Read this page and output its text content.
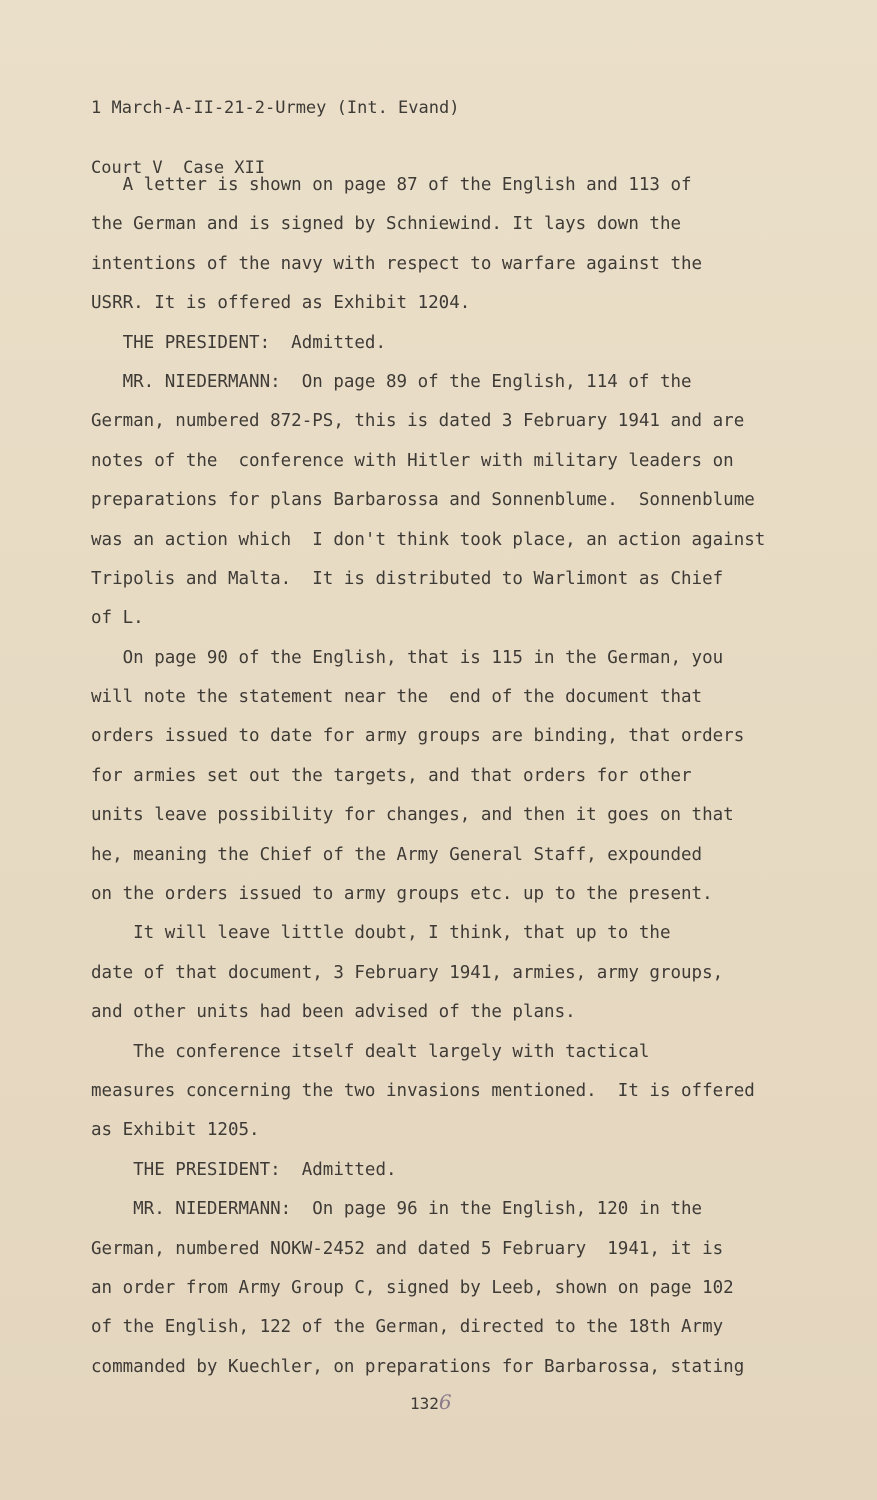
1 March-A-II-21-2-Urmey (Int. Evand)

Court V  Case XII

A letter is shown on page 87 of the English and 113 of
the German and is signed by Schniewind. It lays down the
intentions of the navy with respect to warfare against the
USRR. It is offered as Exhibit 1204.
THE PRESIDENT:  Admitted.
MR. NIEDERMANN:  On page 89 of the English, 114 of the
German, numbered 872-PS, this is dated 3 February 1941 and are
notes of the  conference with Hitler with military leaders on
preparations for plans Barbarossa and Sonnenblume.  Sonnenblume
was an action which  I don't think took place, an action against
Tripolis and Malta.  It is distributed to Warlimont as Chief
of L.
On page 90 of the English, that is 115 in the German, you
will note the statement near the  end of the document that
orders issued to date for army groups are binding, that orders
for armies set out the targets, and that orders for other
units leave possibility for changes, and then it goes on that
he, meaning the Chief of the Army General Staff, expounded
on the orders issued to army groups etc. up to the present.
It will leave little doubt, I think, that up to the
date of that document, 3 February 1941, armies, army groups,
and other units had been advised of the plans.
The conference itself dealt largely with tactical
measures concerning the two invasions mentioned.  It is offered
as Exhibit 1205.
THE PRESIDENT:  Admitted.
MR. NIEDERMANN:  On page 96 in the English, 120 in the
German, numbered NOKW-2452 and dated 5 February  1941, it is
an order from Army Group C, signed by Leeb, shown on page 102
of the English, 122 of the German, directed to the 18th Army
commanded by Kuechler, on preparations for Barbarossa, stating
1326
